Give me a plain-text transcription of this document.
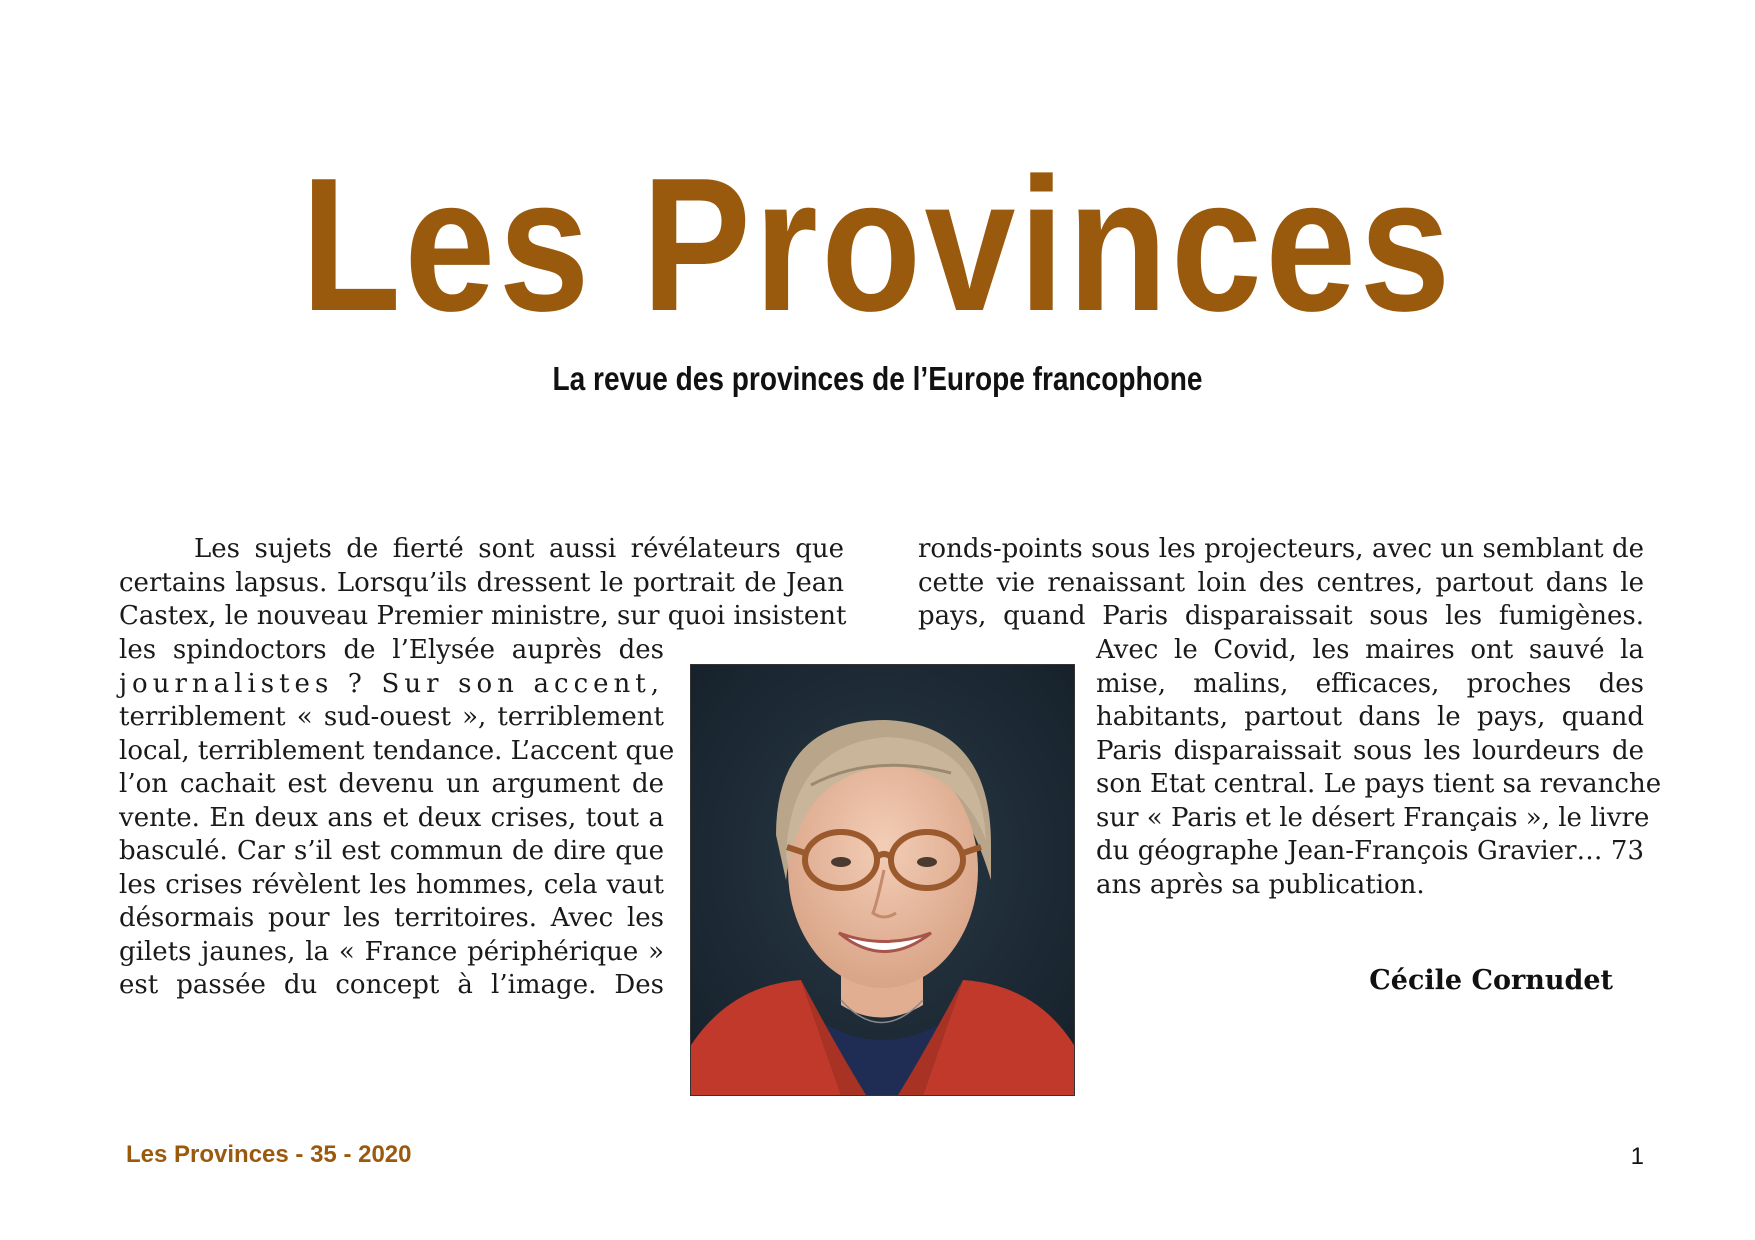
Les Provinces
La revue des provinces de l’Europe francophone
Les sujets de fierté sont aussi révélateurs que
certains lapsus. Lorsqu’ils dressent le portrait de Jean
Castex, le nouveau Premier ministre, sur quoi insistent
les spindoctors de l’Elysée auprès des
journalistes ? Sur son accent,
terriblement « sud-ouest », terriblement
local, terriblement tendance. L’accent que
l’on cachait est devenu un argument de
vente. En deux ans et deux crises, tout a
basculé. Car s’il est commun de dire que
les crises révèlent les hommes, cela vaut
désormais pour les territoires. Avec les
gilets jaunes, la « France périphérique »
est passée du concept à l’image. Des
ronds-points sous les projecteurs, avec un semblant de
cette vie renaissant loin des centres, partout dans le
pays, quand Paris disparaissait sous les fumigènes.
Avec le Covid, les maires ont sauvé la
mise, malins, efficaces, proches des
habitants, partout dans le pays, quand
Paris disparaissait sous les lourdeurs de
son Etat central. Le pays tient sa revanche
sur « Paris et le désert Français », le livre
du géographe Jean-François Gravier… 73
ans après sa publication.
Cécile Cornudet
Les Provinces - 35 - 2020	1
